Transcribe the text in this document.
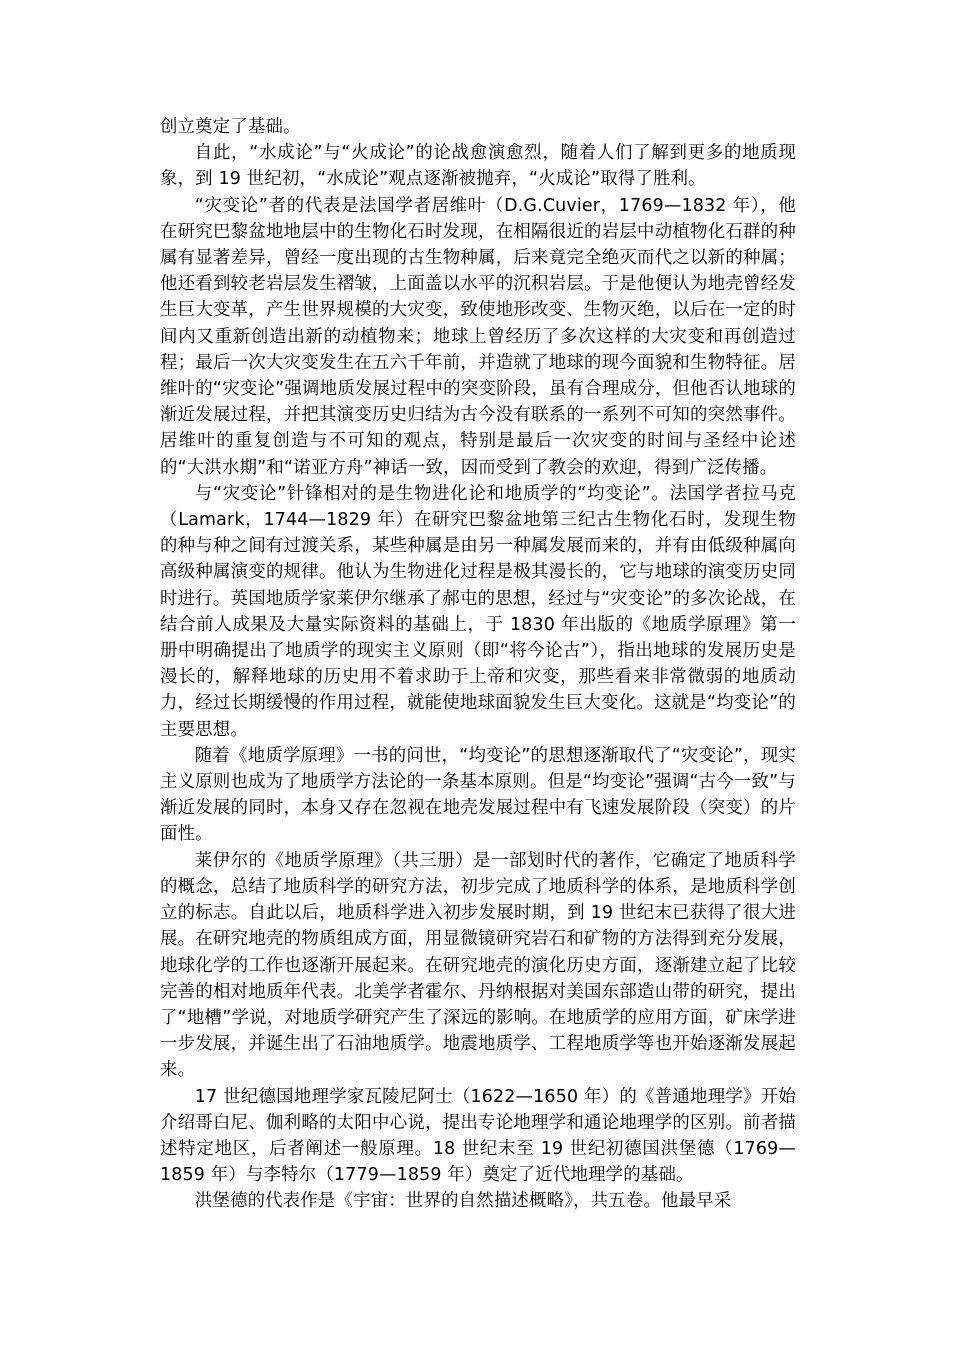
创立奠定了基础。

自此，“水成论”与“火成论”的论战愈演愈烈，随着人们了解到更多的地质现象，到 19 世纪初，“水成论”观点逐渐被抛弃，“火成论”取得了胜利。

“灾变论”者的代表是法国学者居维叶（D.G.Cuvier，1769—1832 年），他在研究巴黎盆地地层中的生物化石时发现，在相隔很近的岩层中动植物化石群的种属有显著差异，曾经一度出现的古生物种属，后来竟完全绝灭而代之以新的种属；他还看到较老岩层发生褶皱，上面盖以水平的沉积岩层。于是他便认为地壳曾经发生巨大变革，产生世界规模的大灾变，致使地形改变、生物灭绝，以后在一定的时间内又重新创造出新的动植物来；地球上曾经历了多次这样的大灾变和再创造过程；最后一次大灾变发生在五六千年前，并造就了地球的现今面貌和生物特征。居维叶的“灾变论”强调地质发展过程中的突变阶段，虽有合理成分，但他否认地球的渐近发展过程，并把其演变历史归结为古今没有联系的一系列不可知的突然事件。居维叶的重复创造与不可知的观点，特别是最后一次灾变的时间与圣经中论述的“大洪水期”和“诺亚方舟”神话一致，因而受到了教会的欢迎，得到广泛传播。

与“灾变论”针锋相对的是生物进化论和地质学的“均变论”。法国学者拉马克（Lamark，1744—1829 年）在研究巴黎盆地第三纪古生物化石时，发现生物的种与种之间有过渡关系，某些种属是由另一种属发展而来的，并有由低级种属向高级种属演变的规律。他认为生物进化过程是极其漫长的，它与地球的演变历史同时进行。英国地质学家莱伊尔继承了郝屯的思想，经过与“灾变论”的多次论战，在结合前人成果及大量实际资料的基础上，于 1830 年出版的《地质学原理》第一册中明确提出了地质学的现实主义原则（即“将今论古”），指出地球的发展历史是漫长的，解释地球的历史用不着求助于上帝和灾变，那些看来非常微弱的地质动力，经过长期缓慢的作用过程，就能使地球面貌发生巨大变化。这就是“均变论”的主要思想。

随着《地质学原理》一书的问世，“均变论”的思想逐渐取代了“灾变论”，现实主义原则也成为了地质学方法论的一条基本原则。但是“均变论”强调“古今一致”与渐近发展的同时，本身又存在忽视在地壳发展过程中有飞速发展阶段（突变）的片面性。

莱伊尔的《地质学原理》（共三册）是一部划时代的著作，它确定了地质科学的概念，总结了地质科学的研究方法，初步完成了地质科学的体系，是地质科学创立的标志。自此以后，地质科学进入初步发展时期，到 19 世纪末已获得了很大进展。在研究地壳的物质组成方面，用显微镜研究岩石和矿物的方法得到充分发展，地球化学的工作也逐渐开展起来。在研究地壳的演化历史方面，逐渐建立起了比较完善的相对地质年代表。北美学者霍尔、丹纳根据对美国东部造山带的研究，提出了“地槽”学说，对地质学研究产生了深远的影响。在地质学的应用方面，矿床学进一步发展，并诞生出了石油地质学。地震地质学、工程地质学等也开始逐渐发展起来。

17 世纪德国地理学家瓦陵尼阿士（1622—1650 年）的《普通地理学》开始介绍哥白尼、伽利略的太阳中心说，提出专论地理学和通论地理学的区别。前者描述特定地区，后者阐述一般原理。18 世纪末至 19 世纪初德国洪堡德（1769—1859 年）与李特尔（1779—1859 年）奠定了近代地理学的基础。

洪堡德的代表作是《宇宙：世界的自然描述概略》，共五卷。他最早采
